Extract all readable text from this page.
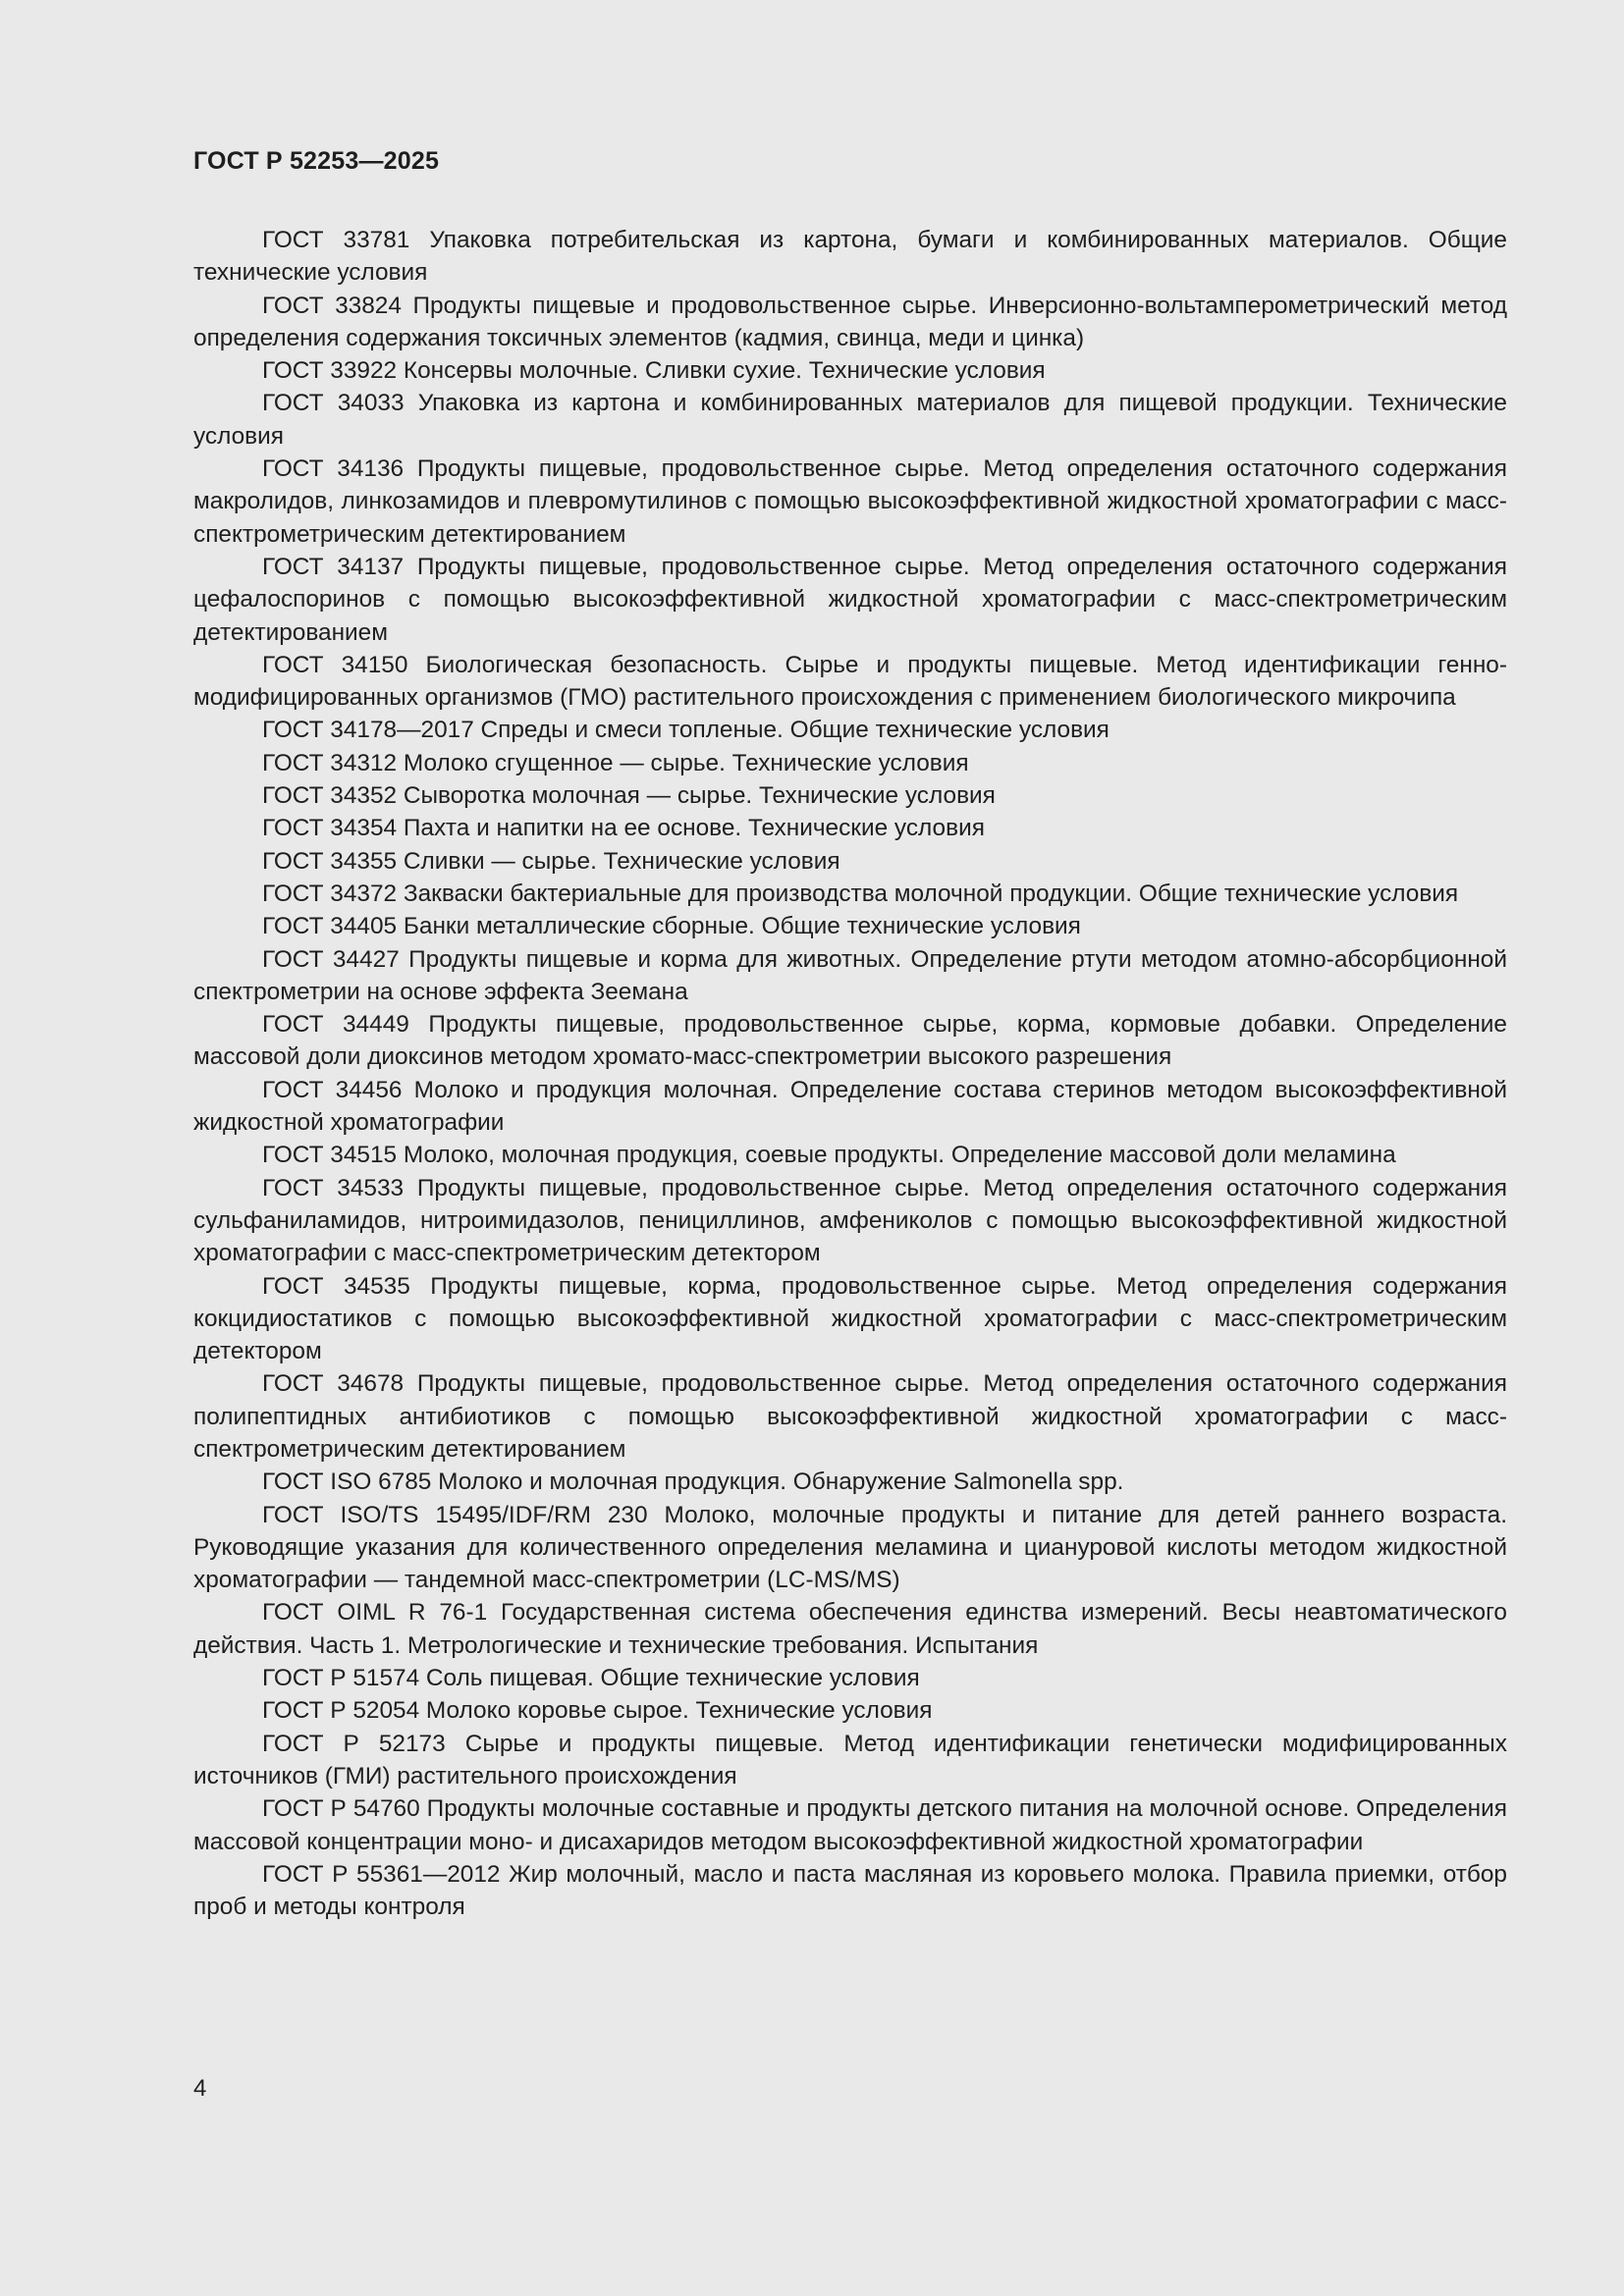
ГОСТ Р 52253—2025

ГОСТ 33781 Упаковка потребительская из картона, бумаги и комбинированных материалов. Общие технические условия

ГОСТ 33824 Продукты пищевые и продовольственное сырье. Инверсионно-вольтамперометрический метод определения содержания токсичных элементов (кадмия, свинца, меди и цинка)

ГОСТ 33922 Консервы молочные. Сливки сухие. Технические условия

ГОСТ 34033 Упаковка из картона и комбинированных материалов для пищевой продукции. Технические условия

ГОСТ 34136 Продукты пищевые, продовольственное сырье. Метод определения остаточного содержания макролидов, линкозамидов и плевромутилинов с помощью высокоэффективной жидкостной хроматографии с масс-спектрометрическим детектированием

ГОСТ 34137 Продукты пищевые, продовольственное сырье. Метод определения остаточного содержания цефалоспоринов с помощью высокоэффективной жидкостной хроматографии с масс-спектрометрическим детектированием

ГОСТ 34150 Биологическая безопасность. Сырье и продукты пищевые. Метод идентификации генно-модифицированных организмов (ГМО) растительного происхождения с применением биологического микрочипа

ГОСТ 34178—2017 Спреды и смеси топленые. Общие технические условия

ГОСТ 34312 Молоко сгущенное — сырье. Технические условия

ГОСТ 34352 Сыворотка молочная — сырье. Технические условия

ГОСТ 34354 Пахта и напитки на ее основе. Технические условия

ГОСТ 34355 Сливки — сырье. Технические условия

ГОСТ 34372 Закваски бактериальные для производства молочной продукции. Общие технические условия

ГОСТ 34405 Банки металлические сборные. Общие технические условия

ГОСТ 34427 Продукты пищевые и корма для животных. Определение ртути методом атомно-абсорбционной спектрометрии на основе эффекта Зеемана

ГОСТ 34449 Продукты пищевые, продовольственное сырье, корма, кормовые добавки. Определение массовой доли диоксинов методом хромато-масс-спектрометрии высокого разрешения

ГОСТ 34456 Молоко и продукция молочная. Определение состава стеринов методом высокоэффективной жидкостной хроматографии

ГОСТ 34515 Молоко, молочная продукция, соевые продукты. Определение массовой доли меламина

ГОСТ 34533 Продукты пищевые, продовольственное сырье. Метод определения остаточного содержания сульфаниламидов, нитроимидазолов, пенициллинов, амфениколов с помощью высокоэффективной жидкостной хроматографии с масс-спектрометрическим детектором

ГОСТ 34535 Продукты пищевые, корма, продовольственное сырье. Метод определения содержания кокцидиостатиков с помощью высокоэффективной жидкостной хроматографии с масс-спектрометрическим детектором

ГОСТ 34678 Продукты пищевые, продовольственное сырье. Метод определения остаточного содержания полипептидных антибиотиков с помощью высокоэффективной жидкостной хроматографии с масс-спектрометрическим детектированием

ГОСТ ISO 6785 Молоко и молочная продукция. Обнаружение Salmonella spp.

ГОСТ ISO/TS 15495/IDF/RM 230 Молоко, молочные продукты и питание для детей раннего возраста. Руководящие указания для количественного определения меламина и циануровой кислоты методом жидкостной хроматографии — тандемной масс-спектрометрии (LC-MS/MS)

ГОСТ OIML R 76-1 Государственная система обеспечения единства измерений. Весы неавтоматического действия. Часть 1. Метрологические и технические требования. Испытания

ГОСТ Р 51574 Соль пищевая. Общие технические условия

ГОСТ Р 52054 Молоко коровье сырое. Технические условия

ГОСТ Р 52173 Сырье и продукты пищевые. Метод идентификации генетически модифицированных источников (ГМИ) растительного происхождения

ГОСТ Р 54760 Продукты молочные составные и продукты детского питания на молочной основе. Определения массовой концентрации моно- и дисахаридов методом высокоэффективной жидкостной хроматографии

ГОСТ Р 55361—2012 Жир молочный, масло и паста масляная из коровьего молока. Правила приемки, отбор проб и методы контроля

4
